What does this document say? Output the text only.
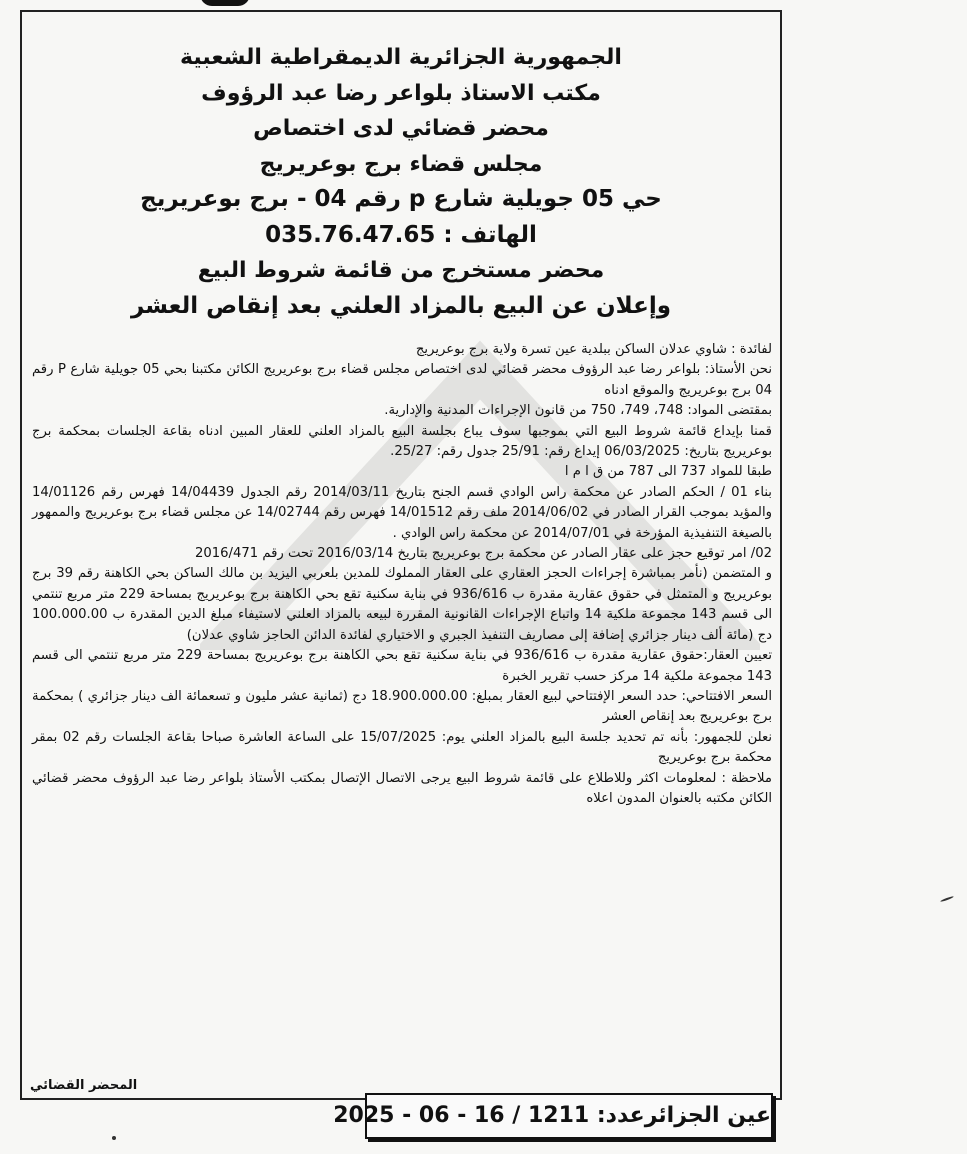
الجمهورية الجزائرية الديمقراطية الشعبية
مكتب الاستاذ بلواعر رضا عبد الرؤوف
محضر قضائي لدى اختصاص
مجلس قضاء برج بوعريريج
حي 05 جويلية شارع p رقم 04 - برج بوعريريج
الهاتف : 035.76.47.65
محضر مستخرج من قائمة شروط البيع
وإعلان عن البيع بالمزاد العلني بعد إنقاص العشر

لفائدة : شاوي عدلان الساكن ببلدية عين تسرة ولاية برج بوعريريج

نحن الأستاذ: بلواعر رضا عبد الرؤوف محضر قضائي لدى اختصاص مجلس قضاء برج بوعريريج الكائن مكتبنا بحي 05 جويلية شارع P رقم 04 برج بوعريريج والموقع ادناه

بمقتضى المواد: 748، 749، 750 من قانون الإجراءات المدنية والإدارية.

قمنا بإيداع قائمة شروط البيع التي بموجبها سوف يباع بجلسة البيع بالمزاد العلني للعقار المبين ادناه بقاعة الجلسات بمحكمة برج بوعريريج بتاريخ: 06/03/2025 إيداع رقم: 25/91 جدول رقم: 25/27.

طبقا للمواد 737 الى 787 من ق ا م ا

بناء 01 / الحكم الصادر عن محكمة راس الوادي قسم الجنح بتاريخ 2014/03/11 رقم الجدول 14/04439 فهرس رقم 14/01126 والمؤيد بموجب القرار الصادر في 2014/06/02 ملف رقم 14/01512 فهرس رقم 14/02744 عن مجلس قضاء برج بوعريريج والممهور بالصيغة التنفيذية المؤرخة في 2014/07/01 عن محكمة راس الوادي .

02/ امر توقيع حجز على عقار الصادر عن محكمة برج بوعريريج بتاريخ 2016/03/14 تحت رقم 2016/471

و المتضمن (نأمر بمباشرة إجراءات الحجز العقاري على العقار المملوك للمدين بلعربي اليزيد بن مالك الساكن بحي الكاهنة رقم 39 برج بوعريريج و المتمثل في حقوق عقارية مقدرة ب 936/616 في بناية سكنية تقع بحي الكاهنة برج بوعريريج بمساحة 229 متر مربع تنتمي الى قسم 143 مجموعة ملكية 14 واتباع الإجراءات القانونية المقررة لبيعه بالمزاد العلني لاستيفاء مبلغ الدين المقدرة ب 100.000.00 دج (مائة ألف دينار جزائري إضافة إلى مصاريف التنفيذ الجبري و الاختياري لفائدة الدائن الحاجز شاوي عدلان)

تعيين العقار:حقوق عقارية مقدرة ب 936/616 في بناية سكنية تقع بحي الكاهنة برج بوعريريج بمساحة 229 متر مربع تنتمي الى قسم 143 مجموعة ملكية 14 مركز حسب تقرير الخبرة

السعر الافتتاحي: حدد السعر الإفتتاحي لبيع العقار بمبلغ: 18.900.000.00 دج (ثمانية عشر مليون و تسعمائة الف دينار جزائري ) بمحكمة برج بوعريريج بعد إنقاص العشر

نعلن للجمهور: بأنه تم تحديد جلسة البيع بالمزاد العلني يوم: 15/07/2025 على الساعة العاشرة صباحا بقاعة الجلسات رقم 02 بمقر محكمة برج بوعريريج

ملاحظة : لمعلومات اكثر وللاطلاع على قائمة شروط البيع يرجى الاتصال الإتصال بمكتب الأستاذ بلواعر رضا عبد الرؤوف محضر قضائي الكائن مكتبه بالعنوان المدون اعلاه

المحضر القضائي
عين الجزائرعدد: 1211 / 16 - 06 - 2025
